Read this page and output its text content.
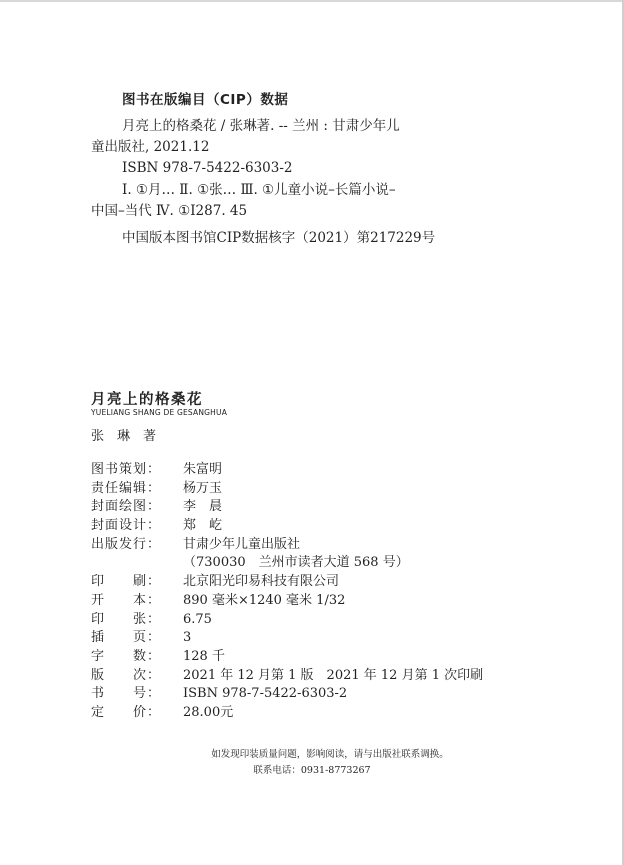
图书在版编目（CIP）数据
月亮上的格桑花 / 张琳著. -- 兰州 : 甘肃少年儿
童出版社, 2021.12
ISBN 978-7-5422-6303-2
Ⅰ. ①月… Ⅱ. ①张… Ⅲ. ①儿童小说–长篇小说–
中国–当代 Ⅳ. ①I287. 45
中国版本图书馆CIP数据核字（2021）第217229号
月亮上的格桑花
YUELIANG SHANG DE GESANGHUA
张　琳　著
图书策划：	朱富明
责任编辑：	杨万玉
封面绘图：	李　晨
封面设计：	郑　屹
出版发行：	甘肃少年儿童出版社
（730030　兰州市读者大道 568 号）
印　　刷：	北京阳光印易科技有限公司
开　　本：	890 毫米×1240 毫米 1/32
印　　张：	6.75
插　　页：	3
字　　数：	128 千
版　　次：	2021 年 12 月第 1 版　2021 年 12 月第 1 次印刷
书　　号：	ISBN 978-7-5422-6303-2
定　　价：	28.00元
如发现印装质量问题，影响阅读，请与出版社联系调换。
联系电话：0931-8773267
